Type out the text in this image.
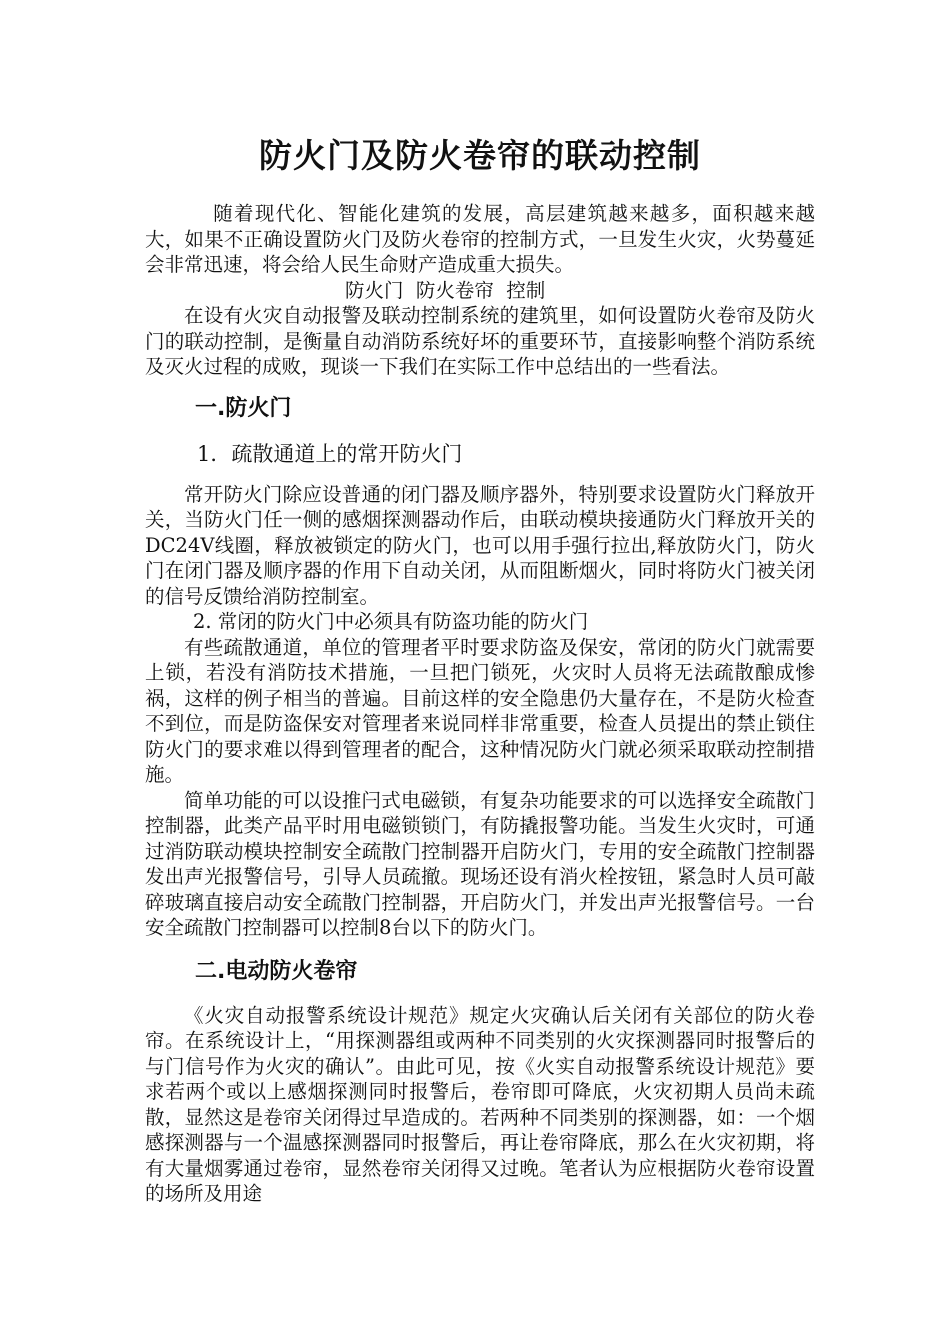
防火门及防火卷帘的联动控制

随着现代化、智能化建筑的发展，高层建筑越来越多，面积越来越大，如果不正确设置防火门及防火卷帘的控制方式，一旦发生火灾，火势蔓延会非常迅速，将会给人民生命财产造成重大损失。

防火门  防火卷帘  控制

在设有火灾自动报警及联动控制系统的建筑里，如何设置防火卷帘及防火门的联动控制，是衡量自动消防系统好坏的重要环节，直接影响整个消防系统及灭火过程的成败，现谈一下我们在实际工作中总结出的一些看法。

一.防火门
1．疏散通道上的常开防火门

常开防火门除应设普通的闭门器及顺序器外，特别要求设置防火门释放开关，当防火门任一侧的感烟探测器动作后，由联动模块接通防火门释放开关的DC24V线圈，释放被锁定的防火门，也可以用手强行拉出,释放防火门，防火门在闭门器及顺序器的作用下自动关闭，从而阻断烟火，同时将防火门被关闭的信号反馈给消防控制室。

2. 常闭的防火门中必须具有防盗功能的防火门

有些疏散通道，单位的管理者平时要求防盗及保安，常闭的防火门就需要上锁，若没有消防技术措施，一旦把门锁死，火灾时人员将无法疏散酿成惨祸，这样的例子相当的普遍。目前这样的安全隐患仍大量存在，不是防火检查不到位，而是防盗保安对管理者来说同样非常重要，检查人员提出的禁止锁住防火门的要求难以得到管理者的配合，这种情况防火门就必须采取联动控制措施。

简单功能的可以设推闩式电磁锁，有复杂功能要求的可以选择安全疏散门控制器，此类产品平时用电磁锁锁门，有防撬报警功能。当发生火灾时，可通过消防联动模块控制安全疏散门控制器开启防火门，专用的安全疏散门控制器发出声光报警信号，引导人员疏撤。现场还设有消火栓按钮，紧急时人员可敲碎玻璃直接启动安全疏散门控制器，开启防火门，并发出声光报警信号。一台安全疏散门控制器可以控制8台以下的防火门。

二.电动防火卷帘

《火灾自动报警系统设计规范》规定火灾确认后关闭有关部位的防火卷帘。在系统设计上，“用探测器组或两种不同类别的火灾探测器同时报警后的与门信号作为火灾的确认”。由此可见，按《火实自动报警系统设计规范》要求若两个或以上感烟探测同时报警后，卷帘即可降底，火灾初期人员尚未疏散，显然这是卷帘关闭得过早造成的。若两种不同类别的探测器，如：一个烟感探测器与一个温感探测器同时报警后，再让卷帘降底，那么在火灾初期，将有大量烟雾通过卷帘，显然卷帘关闭得又过晚。笔者认为应根据防火卷帘设置的场所及用途
